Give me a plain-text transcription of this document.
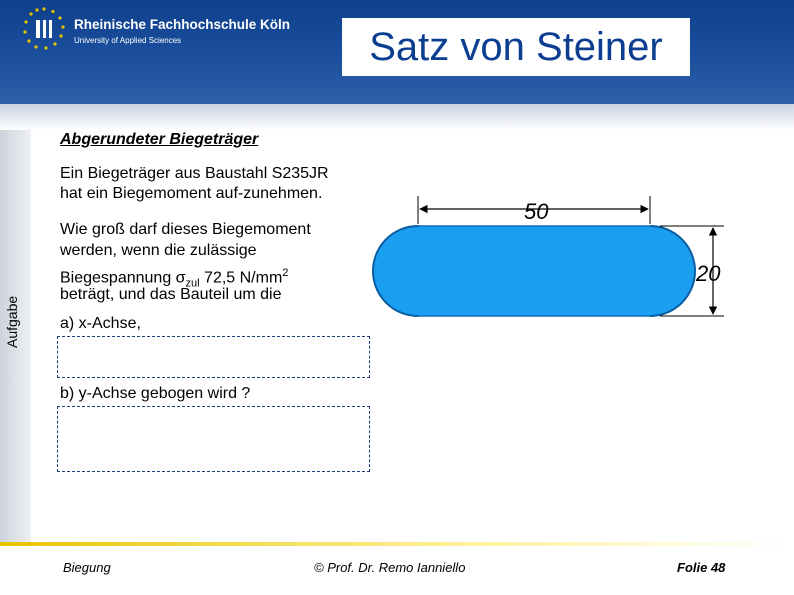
Rheinische Fachhochschule Köln
University of Applied Sciences	Satz von Steiner
Aufgabe
Abgerundeter Biegeträger
Ein Biegeträger aus Baustahl S235JR
hat ein Biegemoment auf-zunehmen.
Wie groß darf dieses Biegemoment
werden, wenn die zulässige
Biegespannung $\sigma_{zul}$ 72,5 $N/mm^2$
beträgt, und das Bauteil um die
a) x-Achse,
b) y-Achse gebogen wird ?
50
20
Biegung	© Prof. Dr. Remo Ianniello	Folie 48
